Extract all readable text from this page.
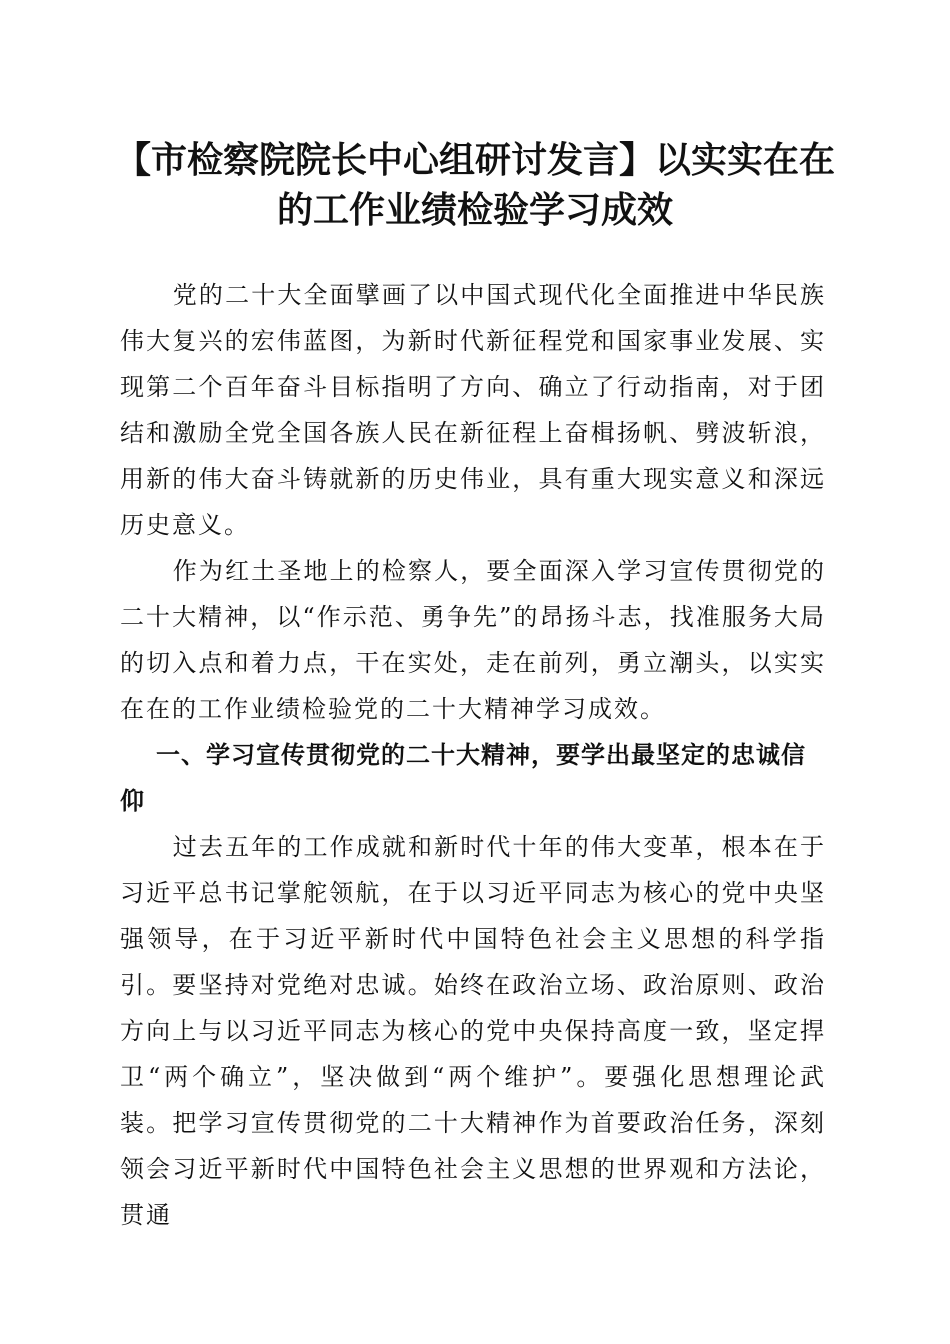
【市检察院院长中心组研讨发言】以实实在在的工作业绩检验学习成效

党的二十大全面擘画了以中国式现代化全面推进中华民族伟大复兴的宏伟蓝图，为新时代新征程党和国家事业发展、实现第二个百年奋斗目标指明了方向、确立了行动指南，对于团结和激励全党全国各族人民在新征程上奋楫扬帆、劈波斩浪，用新的伟大奋斗铸就新的历史伟业，具有重大现实意义和深远历史意义。

作为红土圣地上的检察人，要全面深入学习宣传贯彻党的二十大精神，以“作示范、勇争先”的昂扬斗志，找准服务大局的切入点和着力点，干在实处，走在前列，勇立潮头，以实实在在的工作业绩检验党的二十大精神学习成效。

一、学习宣传贯彻党的二十大精神，要学出最坚定的忠诚信仰

过去五年的工作成就和新时代十年的伟大变革，根本在于习近平总书记掌舵领航，在于以习近平同志为核心的党中央坚强领导，在于习近平新时代中国特色社会主义思想的科学指引。要坚持对党绝对忠诚。始终在政治立场、政治原则、政治方向上与以习近平同志为核心的党中央保持高度一致，坚定捍卫“两个确立”，坚决做到“两个维护”。要强化思想理论武装。把学习宣传贯彻党的二十大精神作为首要政治任务，深刻领会习近平新时代中国特色社会主义思想的世界观和方法论，贯通
